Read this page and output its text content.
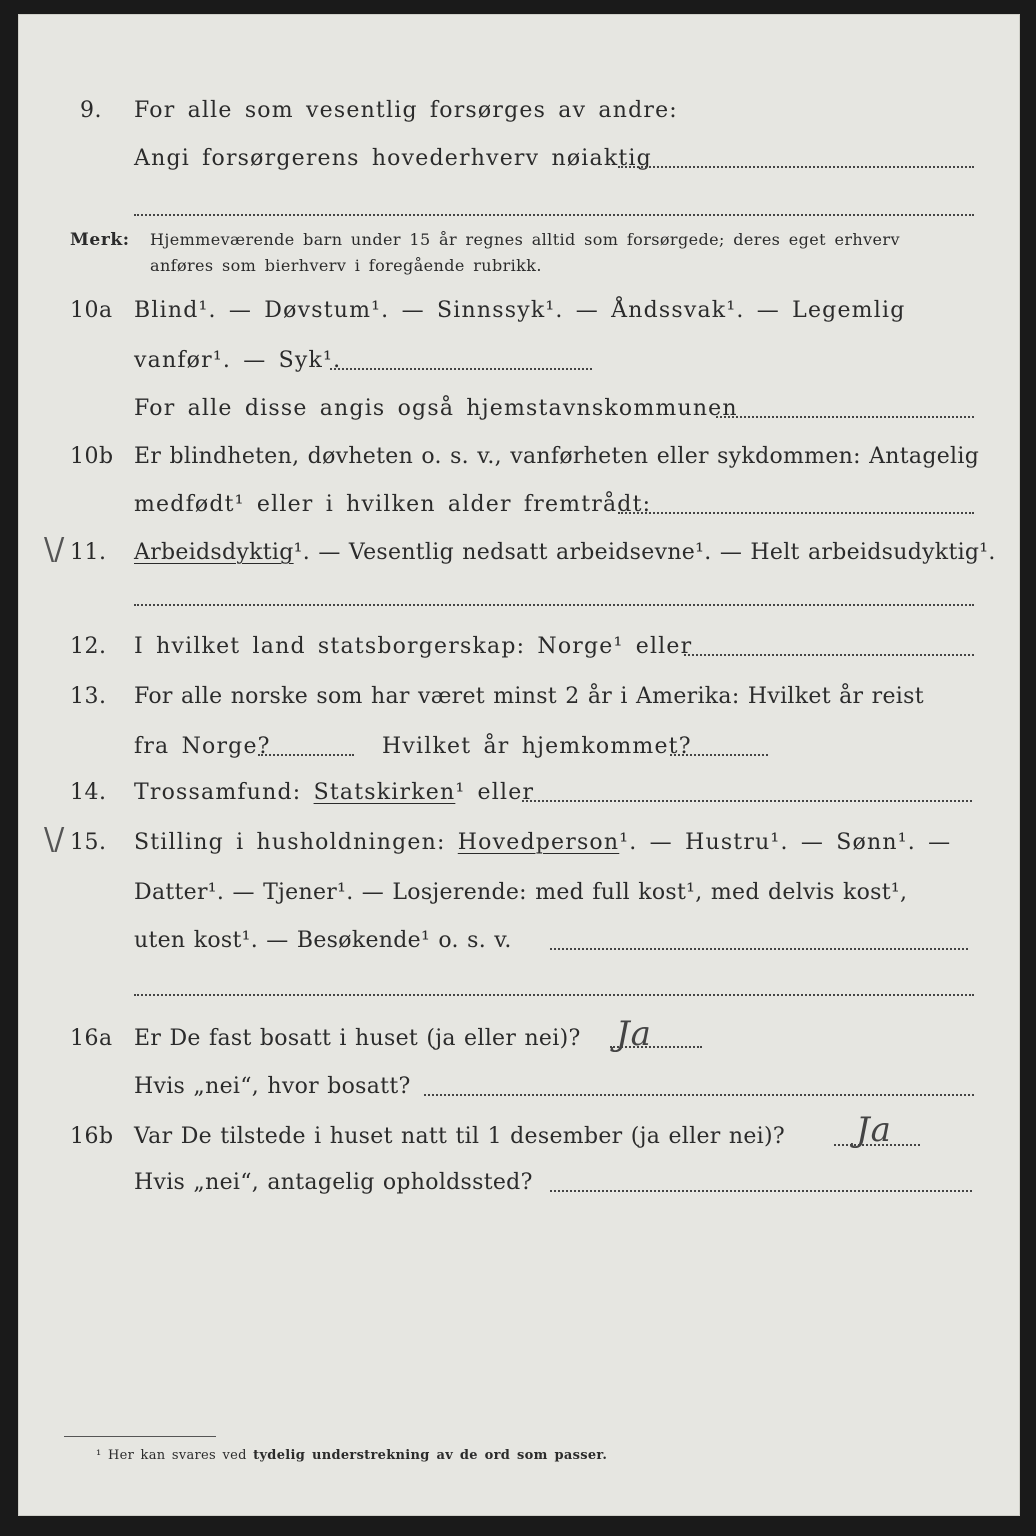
9. For alle som vesentlig forsørges av andre:
Angi forsørgerens hovederhverv nøiaktig
Merk: Hjemmeværende barn under 15 år regnes alltid som forsørgede; deres eget erhverv
anføres som bierhverv i foregående rubrikk.
10a Blind¹. — Døvstum¹. — Sinnssyk¹. — Åndssvak¹. — Legemlig
vanfør¹. — Syk¹.
For alle disse angis også hjemstavnskommunen
10b Er blindheten, døvheten o. s. v., vanførheten eller sykdommen: Antagelig
medfødt¹ eller i hvilken alder fremtrådt:
\/ 11. Arbeidsdyktig¹. — Vesentlig nedsatt arbeidsevne¹. — Helt arbeidsudyktig¹.
12. I hvilket land statsborgerskap: Norge¹ eller
13. For alle norske som har været minst 2 år i Amerika: Hvilket år reist
fra Norge?	Hvilket år hjemkommet?
14. Trossamfund: Statskirken¹ eller
\/ 15. Stilling i husholdningen: Hovedperson¹. — Hustru¹. — Sønn¹. —
Datter¹. — Tjener¹. — Losjerende: med full kost¹, med delvis kost¹,
uten kost¹. — Besøkende¹ o. s. v.
16a Er De fast bosatt i huset (ja eller nei)? Ja
Hvis „nei“, hvor bosatt?
16b Var De tilstede i huset natt til 1 desember (ja eller nei)? Ja
Hvis „nei“, antagelig opholdssted?
¹ Her kan svares ved tydelig understrekning av de ord som passer.
